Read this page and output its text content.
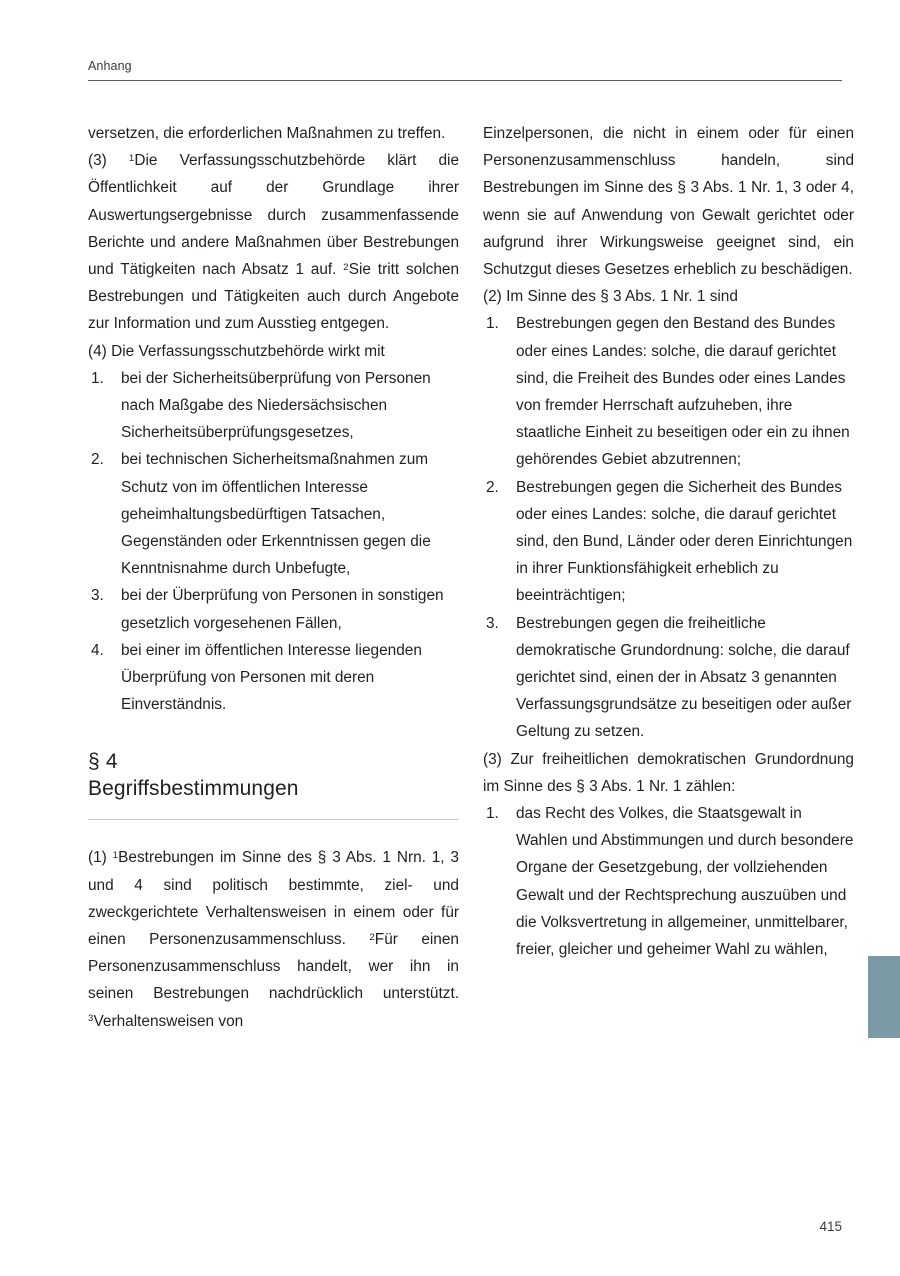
Anhang

versetzen, die erforderlichen Maßnahmen zu treffen.

(3) $^1$Die Verfassungsschutzbehörde klärt die Öffentlichkeit auf der Grundlage ihrer Auswertungsergebnisse durch zusammenfassende Berichte und andere Maßnahmen über Bestrebungen und Tätigkeiten nach Absatz 1 auf. $^2$Sie tritt solchen Bestrebungen und Tätigkeiten auch durch Angebote zur Information und zum Ausstieg entgegen.

(4) Die Verfassungsschutzbehörde wirkt mit

1. bei der Sicherheitsüberprüfung von Personen nach Maßgabe des Niedersächsischen Sicherheitsüberprüfungsgesetzes,
2. bei technischen Sicherheitsmaßnahmen zum Schutz von im öffentlichen Interesse geheimhaltungsbedürftigen Tatsachen, Gegenständen oder Erkenntnissen gegen die Kenntnisnahme durch Unbefugte,
3. bei der Überprüfung von Personen in sonstigen gesetzlich vorgesehenen Fällen,
4. bei einer im öffentlichen Interesse liegenden Überprüfung von Personen mit deren Einverständnis.
§ 4
Begriffsbestimmungen

(1) $^1$Bestrebungen im Sinne des § 3 Abs. 1 Nrn. 1, 3 und 4 sind politisch bestimmte, ziel- und zweckgerichtete Verhaltensweisen in einem oder für einen Personenzusammenschluss. $^2$Für einen Personenzusammenschluss handelt, wer ihn in seinen Bestrebungen nachdrücklich unterstützt. $^3$Verhaltensweisen von

Einzelpersonen, die nicht in einem oder für einen Personenzusammenschluss handeln, sind Bestrebungen im Sinne des § 3 Abs. 1 Nr. 1, 3 oder 4, wenn sie auf Anwendung von Gewalt gerichtet oder aufgrund ihrer Wirkungsweise geeignet sind, ein Schutzgut dieses Gesetzes erheblich zu beschädigen.

(2) Im Sinne des § 3 Abs. 1 Nr. 1 sind

1. Bestrebungen gegen den Bestand des Bundes oder eines Landes: solche, die darauf gerichtet sind, die Freiheit des Bundes oder eines Landes von fremder Herrschaft aufzuheben, ihre staatliche Einheit zu beseitigen oder ein zu ihnen gehörendes Gebiet abzutrennen;
2. Bestrebungen gegen die Sicherheit des Bundes oder eines Landes: solche, die darauf gerichtet sind, den Bund, Länder oder deren Einrichtungen in ihrer Funktionsfähigkeit erheblich zu beeinträchtigen;
3. Bestrebungen gegen die freiheitliche demokratische Grundordnung: solche, die darauf gerichtet sind, einen der in Absatz 3 genannten Verfassungsgrundsätze zu beseitigen oder außer Geltung zu setzen.

(3) Zur freiheitlichen demokratischen Grundordnung im Sinne des § 3 Abs. 1 Nr. 1 zählen:

1. das Recht des Volkes, die Staatsgewalt in Wahlen und Abstimmungen und durch besondere Organe der Gesetzgebung, der vollziehenden Gewalt und der Rechtsprechung auszuüben und die Volksvertretung in allgemeiner, unmittelbarer, freier, gleicher und geheimer Wahl zu wählen,
415
